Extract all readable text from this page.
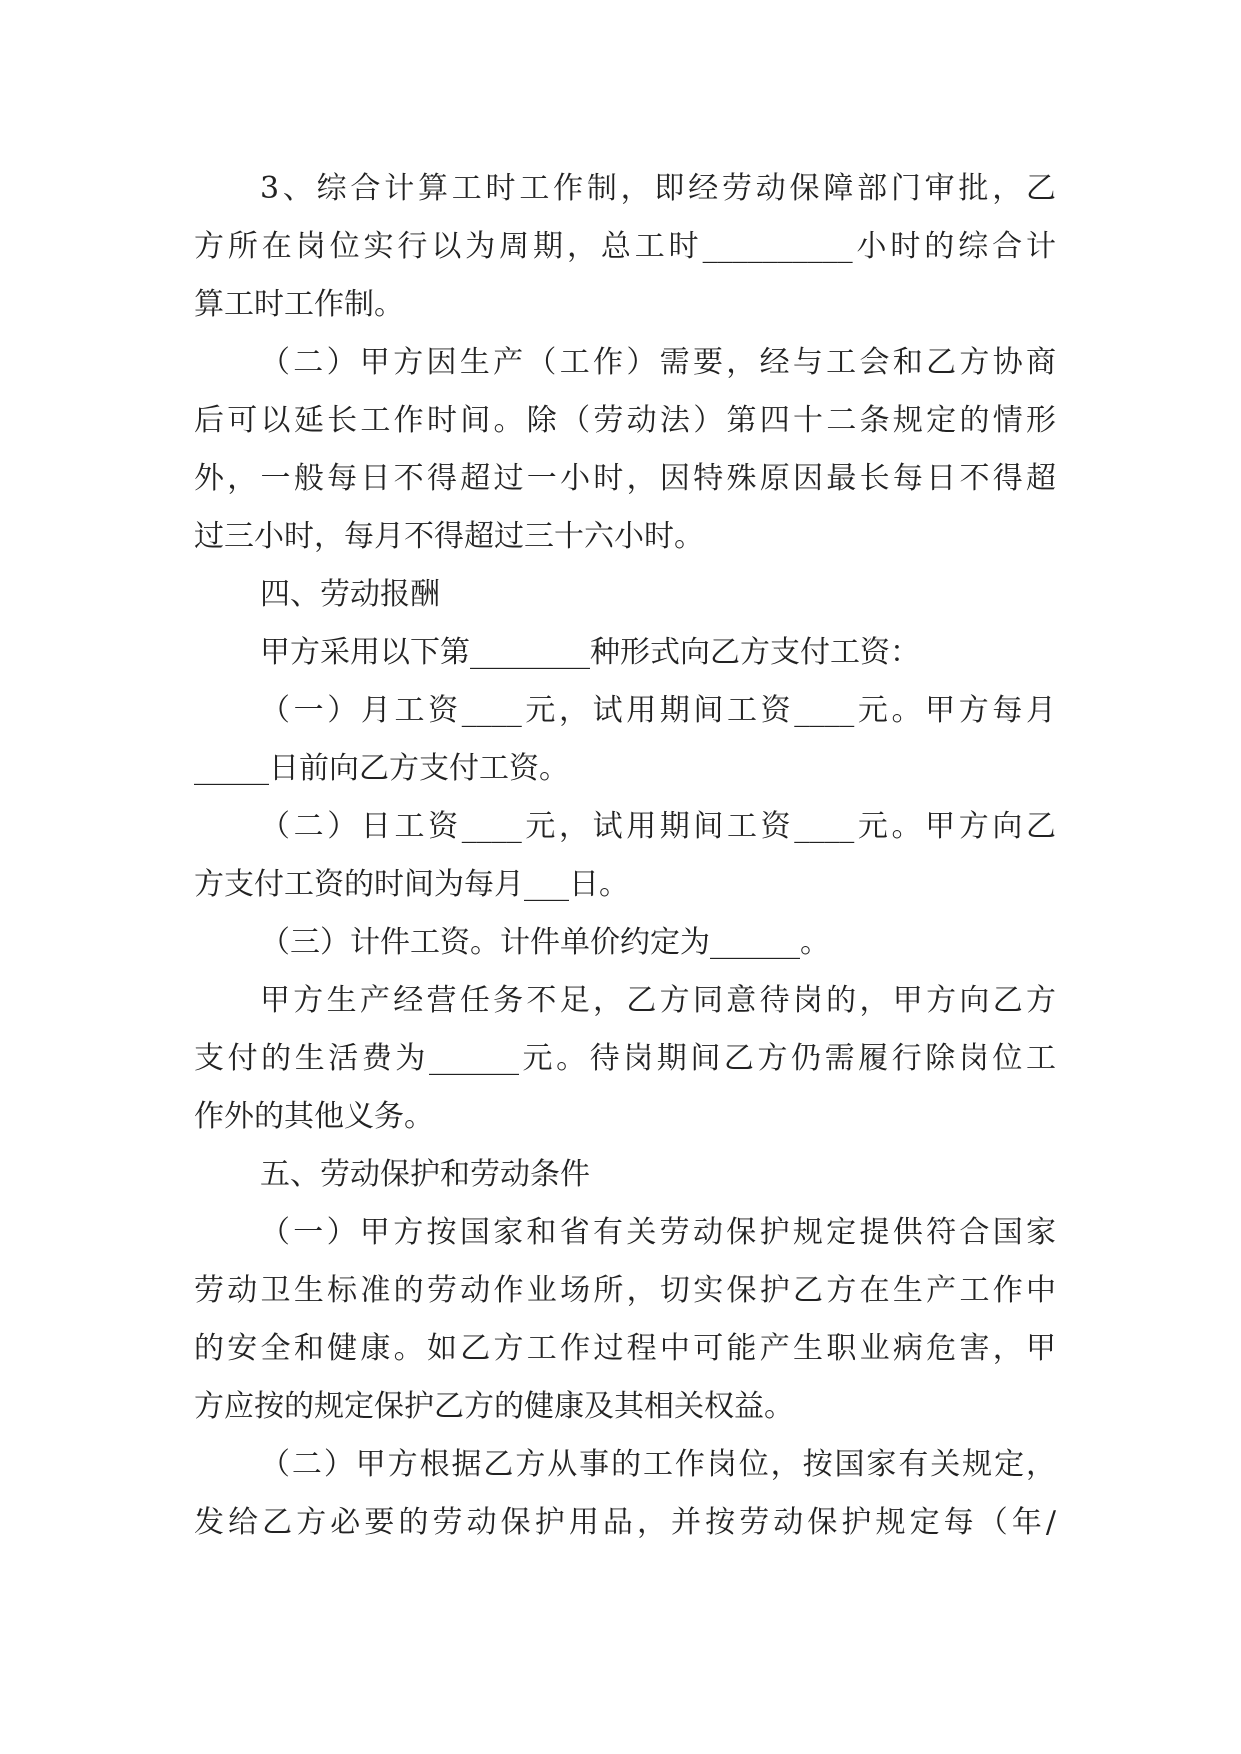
3、综合计算工时工作制，即经劳动保障部门审批，乙
方所在岗位实行以为周期，总工时__________小时的综合计
算工时工作制。
（二）甲方因生产（工作）需要，经与工会和乙方协商
后可以延长工作时间。除（劳动法）第四十二条规定的情形
外，一般每日不得超过一小时，因特殊原因最长每日不得超
过三小时，每月不得超过三十六小时。
四、劳动报酬
甲方采用以下第________种形式向乙方支付工资：
（一）月工资____元，试用期间工资____元。甲方每月
_____日前向乙方支付工资。
（二）日工资____元，试用期间工资____元。甲方向乙
方支付工资的时间为每月___日。
（三）计件工资。计件单价约定为______。
甲方生产经营任务不足，乙方同意待岗的，甲方向乙方
支付的生活费为______元。待岗期间乙方仍需履行除岗位工
作外的其他义务。
五、劳动保护和劳动条件
（一）甲方按国家和省有关劳动保护规定提供符合国家
劳动卫生标准的劳动作业场所，切实保护乙方在生产工作中
的安全和健康。如乙方工作过程中可能产生职业病危害，甲
方应按的规定保护乙方的健康及其相关权益。
（二）甲方根据乙方从事的工作岗位，按国家有关规定，
发给乙方必要的劳动保护用品，并按劳动保护规定每（年/
